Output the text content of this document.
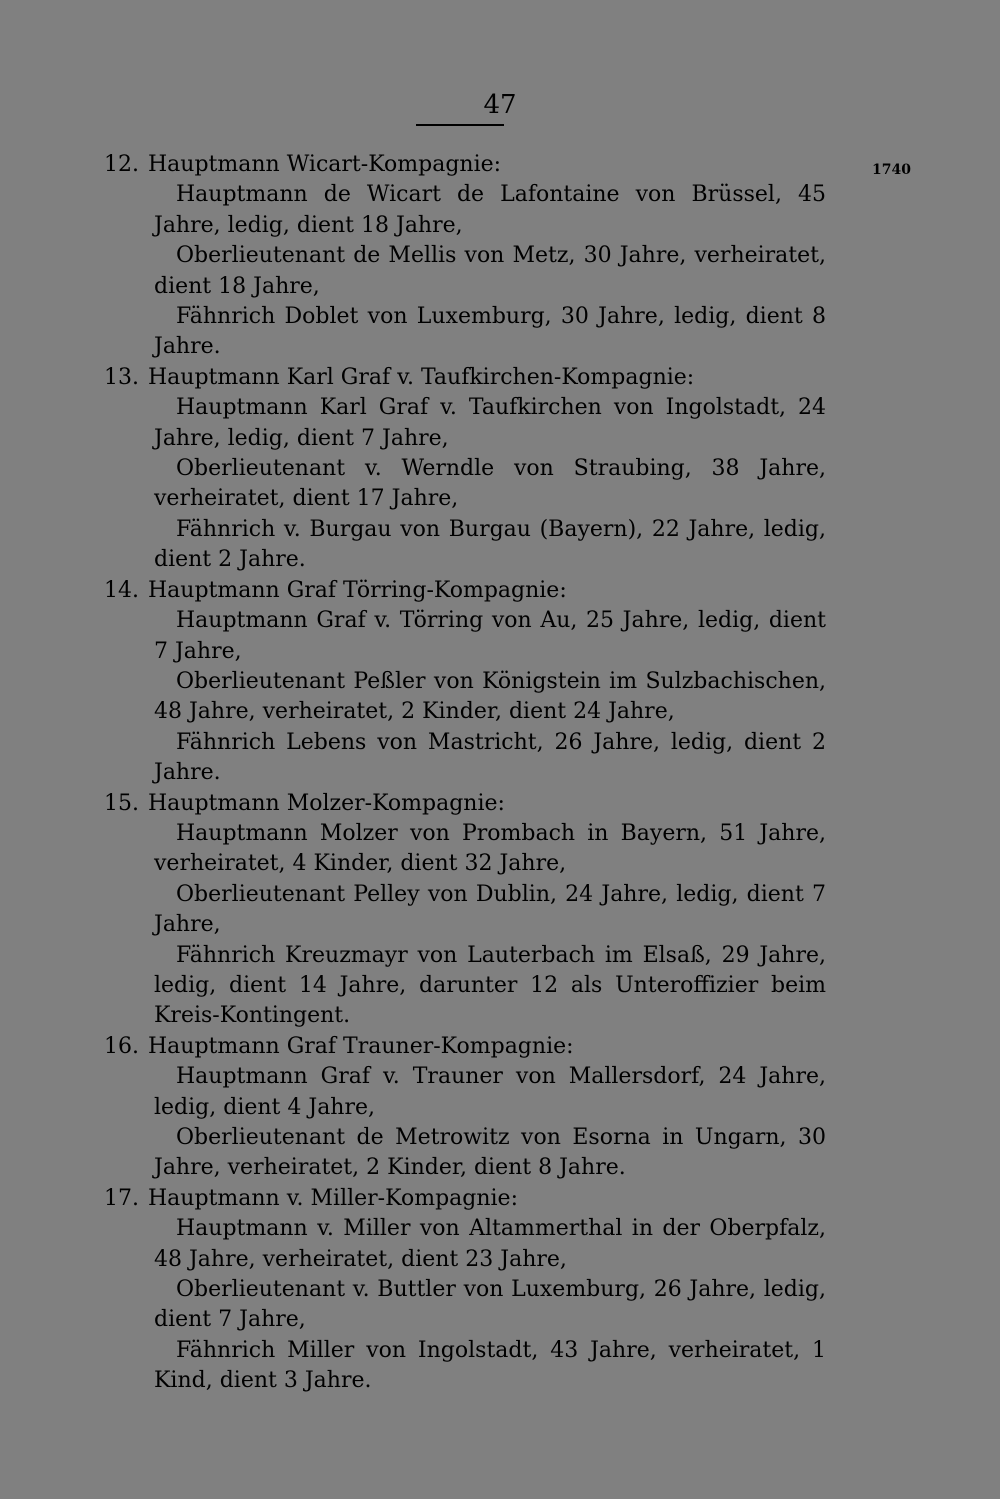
47
1740
12. Hauptmann Wicart-Kompagnie:
Hauptmann de Wicart de Lafontaine von Brüssel, 45 Jahre, ledig, dient 18 Jahre,
Oberlieutenant de Mellis von Metz, 30 Jahre, verheiratet, dient 18 Jahre,
Fähnrich Doblet von Luxemburg, 30 Jahre, ledig, dient 8 Jahre.
13. Hauptmann Karl Graf v. Taufkirchen-Kompagnie:
Hauptmann Karl Graf v. Taufkirchen von Ingolstadt, 24 Jahre, ledig, dient 7 Jahre,
Oberlieutenant v. Werndle von Straubing, 38 Jahre, verheiratet, dient 17 Jahre,
Fähnrich v. Burgau von Burgau (Bayern), 22 Jahre, ledig, dient 2 Jahre.
14. Hauptmann Graf Törring-Kompagnie:
Hauptmann Graf v. Törring von Au, 25 Jahre, ledig, dient 7 Jahre,
Oberlieutenant Peßler von Königstein im Sulzbachischen, 48 Jahre, verheiratet, 2 Kinder, dient 24 Jahre,
Fähnrich Lebens von Mastricht, 26 Jahre, ledig, dient 2 Jahre.
15. Hauptmann Molzer-Kompagnie:
Hauptmann Molzer von Prombach in Bayern, 51 Jahre, verheiratet, 4 Kinder, dient 32 Jahre,
Oberlieutenant Pelley von Dublin, 24 Jahre, ledig, dient 7 Jahre,
Fähnrich Kreuzmayr von Lauterbach im Elsaß, 29 Jahre, ledig, dient 14 Jahre, darunter 12 als Unteroffizier beim Kreis-Kontingent.
16. Hauptmann Graf Trauner-Kompagnie:
Hauptmann Graf v. Trauner von Mallersdorf, 24 Jahre, ledig, dient 4 Jahre,
Oberlieutenant de Metrowitz von Esorna in Ungarn, 30 Jahre, verheiratet, 2 Kinder, dient 8 Jahre.
17. Hauptmann v. Miller-Kompagnie:
Hauptmann v. Miller von Altammerthal in der Oberpfalz, 48 Jahre, verheiratet, dient 23 Jahre,
Oberlieutenant v. Buttler von Luxemburg, 26 Jahre, ledig, dient 7 Jahre,
Fähnrich Miller von Ingolstadt, 43 Jahre, verheiratet, 1 Kind, dient 3 Jahre.
